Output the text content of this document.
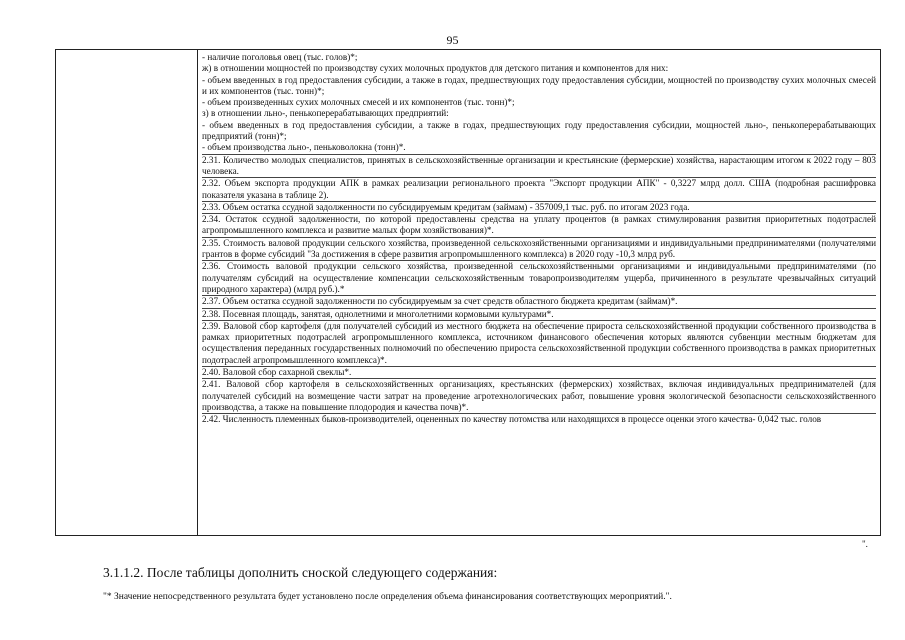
95

- наличие поголовья овец (тыс. голов)*;

ж) в отношении мощностей по производству сухих молочных продуктов для детского питания и компонентов для них:

- объем введенных в год предоставления субсидии, а также в годах, предшествующих году предоставления субсидии, мощностей по производству сухих молочных смесей и их компонентов (тыс. тонн)*;

- объем произведенных сухих молочных смесей и их компонентов (тыс. тонн)*;

з) в отношении льно-, пенькоперерабатывающих предприятий:

- объем введенных в год предоставления субсидии, а также в годах, предшествующих году предоставления субсидии, мощностей льно-, пенькоперерабатывающих предприятий (тонн)*;

- объем производства льно-, пеньковолокна (тонн)*.

2.31. Количество молодых специалистов, принятых в сельскохозяйственные организации и крестьянские (фермерские) хозяйства, нарастающим итогом к 2022 году – 803 человека.

2.32. Объем экспорта продукции АПК в рамках реализации регионального проекта "Экспорт продукции АПК" - 0,3227 млрд долл. США (подробная расшифровка показателя указана в таблице 2).

2.33. Объем остатка ссудной задолженности по субсидируемым кредитам (займам) - 357009,1 тыс. руб. по итогам 2023 года.

2.34. Остаток ссудной задолженности, по которой предоставлены средства на уплату процентов (в рамках стимулирования развития приоритетных подотраслей агропромышленного комплекса и развитие малых форм хозяйствования)*.

2.35. Стоимость валовой продукции сельского хозяйства, произведенной сельскохозяйственными организациями и индивидуальными предпринимателями (получателями грантов в форме субсидий "За достижения в сфере развития агропромышленного комплекса) в 2020 году -10,3 млрд руб.

2.36. Стоимость валовой продукции сельского хозяйства, произведенной сельскохозяйственными организациями и индивидуальными предпринимателями (по получателям субсидий на осуществление компенсации сельскохозяйственным товаропроизводителям ущерба, причиненного в результате чрезвычайных ситуаций природного характера) (млрд руб.).*

2.37. Объем остатка ссудной задолженности по субсидируемым за счет средств областного бюджета кредитам (займам)*.

2.38. Посевная площадь, занятая, однолетними и многолетними кормовыми культурами*.

2.39. Валовой сбор картофеля (для получателей субсидий из местного бюджета на обеспечение прироста сельскохозяйственной продукции собственного производства в рамках приоритетных подотраслей агропромышленного комплекса, источником финансового обеспечения которых являются субвенции местным бюджетам для осуществления переданных государственных полномочий по обеспечению прироста сельскохозяйственной продукции собственного производства в рамках приоритетных подотраслей агропромышленного комплекса)*.

2.40. Валовой сбор сахарной свеклы*.

2.41. Валовой сбор картофеля в сельскохозяйственных организациях, крестьянских (фермерских) хозяйствах, включая индивидуальных предпринимателей (для получателей субсидий на возмещение части затрат на проведение агротехнологических работ, повышение уровня экологической безопасности сельскохозяйственного производства, а также на повышение плодородия и качества почв)*.

2.42. Численность племенных быков-производителей, оцененных по качеству потомства или находящихся в процессе оценки этого качества- 0,042 тыс. голов

".
3.1.1.2. После таблицы дополнить сноской следующего содержания:
"* Значение непосредственного результата будет установлено после определения объема финансирования соответствующих мероприятий.".
